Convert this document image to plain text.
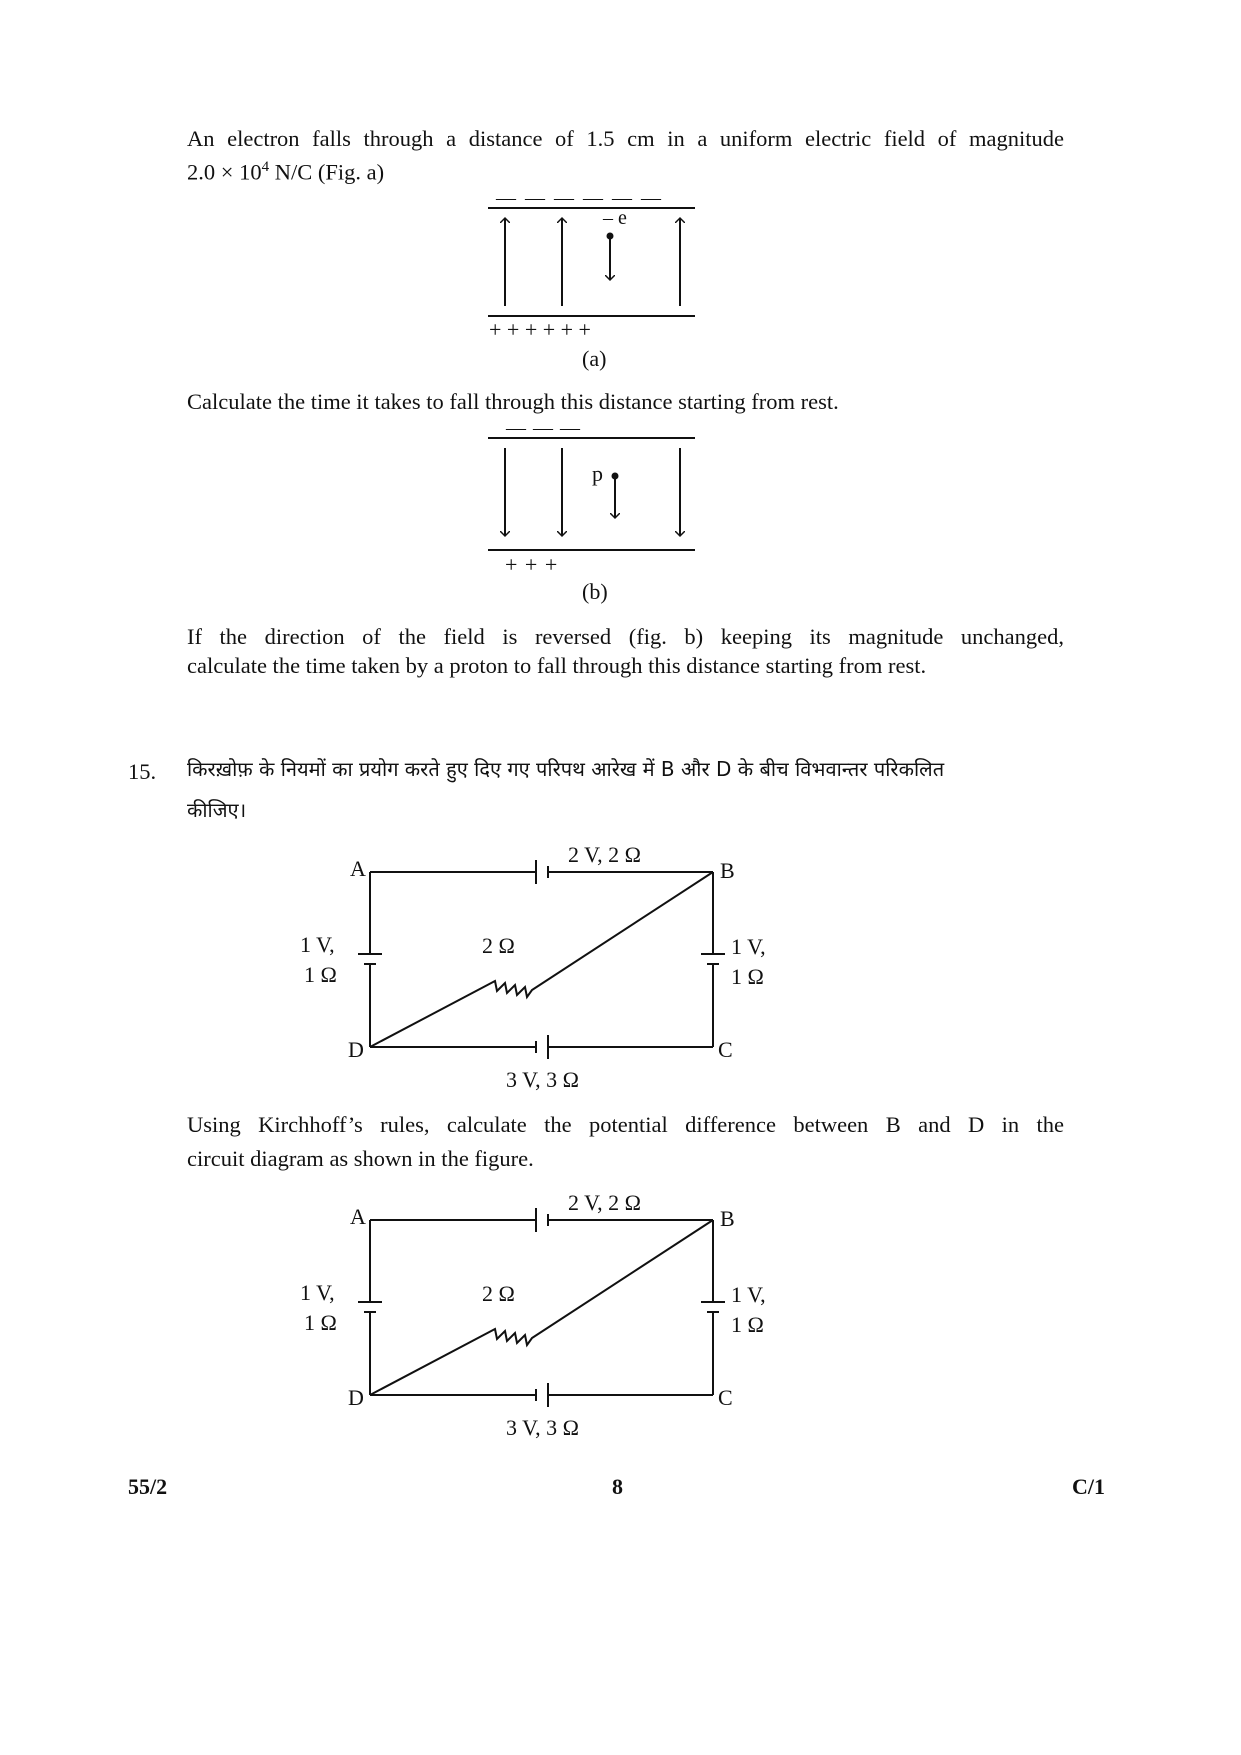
An electron falls through a distance of 1.5 cm in a uniform electric field of magnitude

$2.0 \times 10^4$ N/C (Fig. a)

— — — — — —
– e
+ + + + + +
(a)

Calculate the time it takes to fall through this distance starting from rest.

— — —
p
+ + +
(b)

If the direction of the field is reversed (fig. b) keeping its magnitude unchanged,

calculate the time taken by a proton to fall through this distance starting from rest.

15. किरख़ोफ़ के नियमों का प्रयोग करते हुए दिए गए परिपथ आरेख में B और D के बीच विभवान्तर परिकलित

कीजिए।

A	B
C
D
2 V, 2 Ω
3 V, 3 Ω
1 V,
1 Ω
1 V,
1 Ω
2 Ω

Using Kirchhoff’s rules, calculate the potential difference between B and D in the

circuit diagram as shown in the figure.

A	B
C
D
2 V, 2 Ω
3 V, 3 Ω
1 V,
1 Ω
1 V,
1 Ω
2 Ω
55/2	8	C/1
